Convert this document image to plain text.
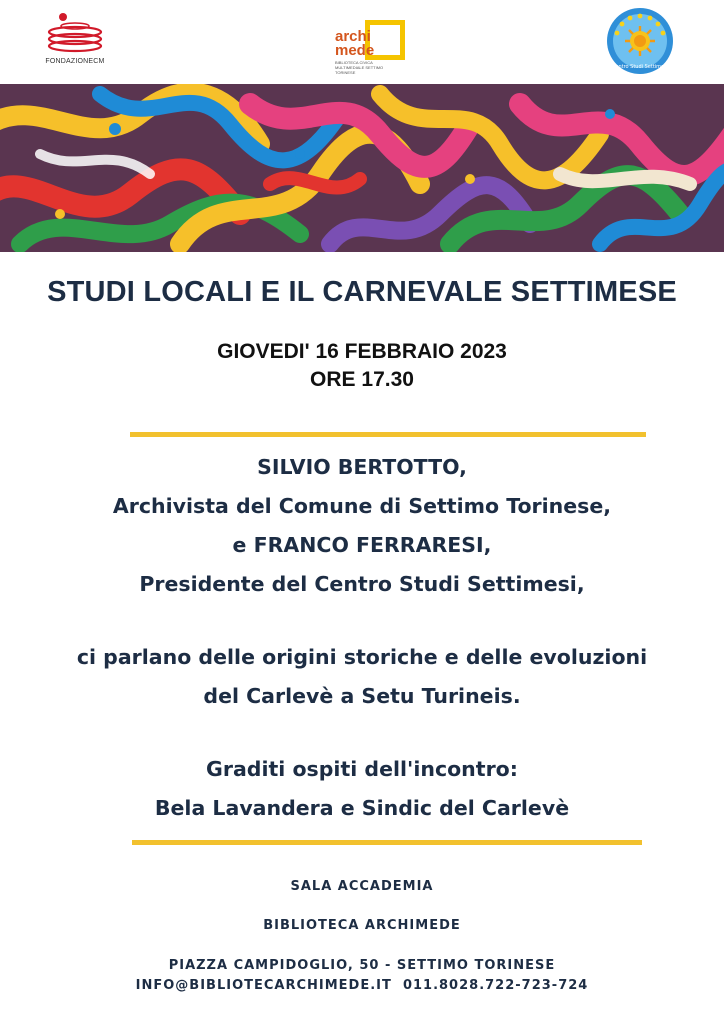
FONDAZIONECM
archi
mede
BIBLIOTECA CIVICA MULTIMEDIALE SETTIMO TORINESE
Centro Studi Settimesi
STUDI LOCALI E IL CARNEVALE SETTIMESE
GIOVEDI' 16 FEBBRAIO 2023
ORE 17.30
SILVIO BERTOTTO,
Archivista del Comune di Settimo Torinese,
e FRANCO FERRARESI,
Presidente del Centro Studi Settimesi,
ci parlano delle origini storiche e delle evoluzioni
del Carlevè a Setu Turineis.
Graditi ospiti dell'incontro:
Bela Lavandera e Sindic del Carlevè
SALA ACCADEMIA
BIBLIOTECA ARCHIMEDE
PIAZZA CAMPIDOGLIO, 50 - SETTIMO TORINESE
INFO@BIBLIOTECARCHIMEDE.IT 011.8028.722-723-724
